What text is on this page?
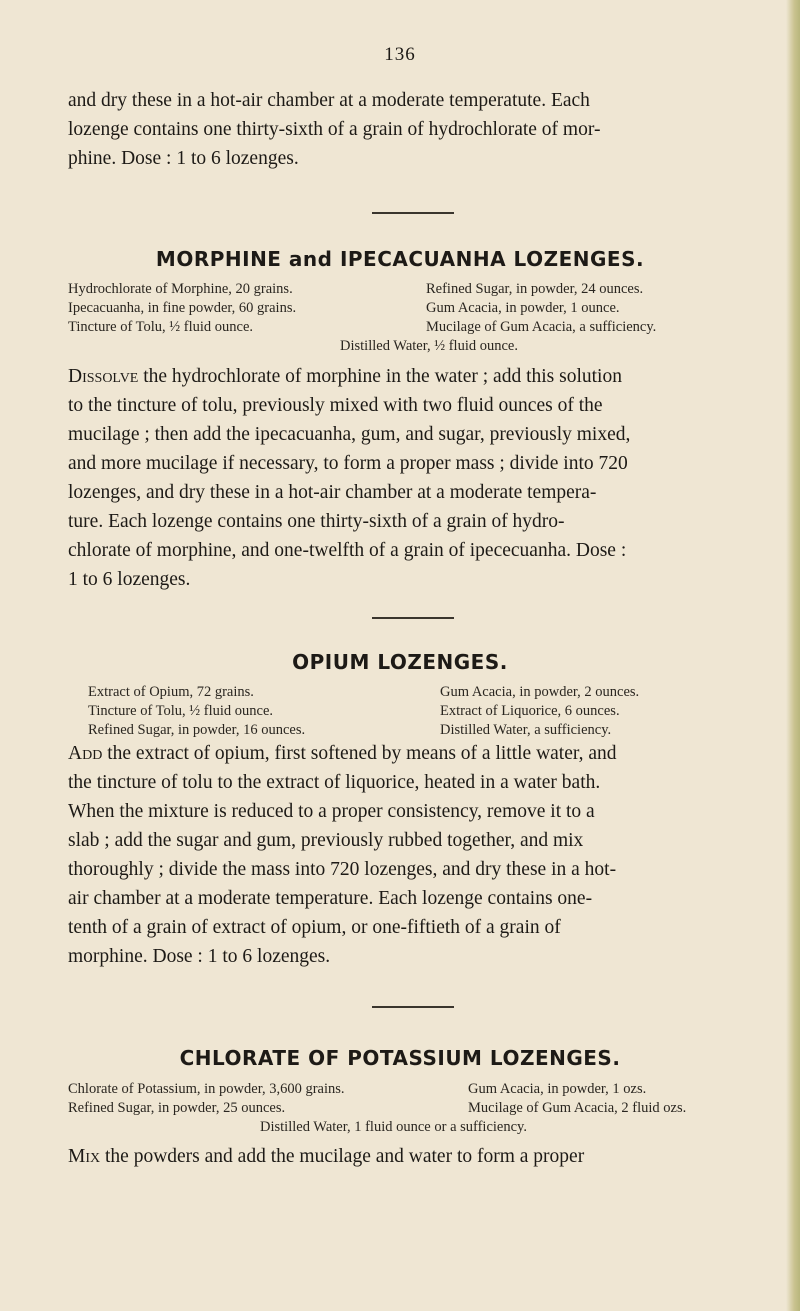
136

and dry these in a hot-air chamber at a moderate temperatute. Each
lozenge contains one thirty-sixth of a grain of hydrochlorate of mor-
phine. Dose : 1 to 6 lozenges.

MORPHINE and IPECACUANHA LOZENGES.
Hydrochlorate of Morphine, 20 grains.
Ipecacuanha, in fine powder, 60 grains.
Tincture of Tolu, ½ fluid ounce.
Refined Sugar, in powder, 24 ounces.
Gum Acacia, in powder, 1 ounce.
Mucilage of Gum Acacia, a sufficiency.
Distilled Water, ½ fluid ounce.

Dissolve the hydrochlorate of morphine in the water ; add this solution
to the tincture of tolu, previously mixed with two fluid ounces of the
mucilage ; then add the ipecacuanha, gum, and sugar, previously mixed,
and more mucilage if necessary, to form a proper mass ; divide into 720
lozenges, and dry these in a hot-air chamber at a moderate tempera-
ture. Each lozenge contains one thirty-sixth of a grain of hydro-
chlorate of morphine, and one-twelfth of a grain of ipececuanha. Dose :
1 to 6 lozenges.

OPIUM LOZENGES.
Extract of Opium, 72 grains.
Tincture of Tolu, ½ fluid ounce.
Refined Sugar, in powder, 16 ounces.
Gum Acacia, in powder, 2 ounces.
Extract of Liquorice, 6 ounces.
Distilled Water, a sufficiency.

Add the extract of opium, first softened by means of a little water, and
the tincture of tolu to the extract of liquorice, heated in a water bath.
When the mixture is reduced to a proper consistency, remove it to a
slab ; add the sugar and gum, previously rubbed together, and mix
thoroughly ; divide the mass into 720 lozenges, and dry these in a hot-
air chamber at a moderate temperature. Each lozenge contains one-
tenth of a grain of extract of opium, or one-fiftieth of a grain of
morphine. Dose : 1 to 6 lozenges.

CHLORATE OF POTASSIUM LOZENGES.
Chlorate of Potassium, in powder, 3,600 grains.
Refined Sugar, in powder, 25 ounces.
Gum Acacia, in powder, 1 ozs.
Mucilage of Gum Acacia, 2 fluid ozs.
Distilled Water, 1 fluid ounce or a sufficiency.

Mix the powders and add the mucilage and water to form a proper
